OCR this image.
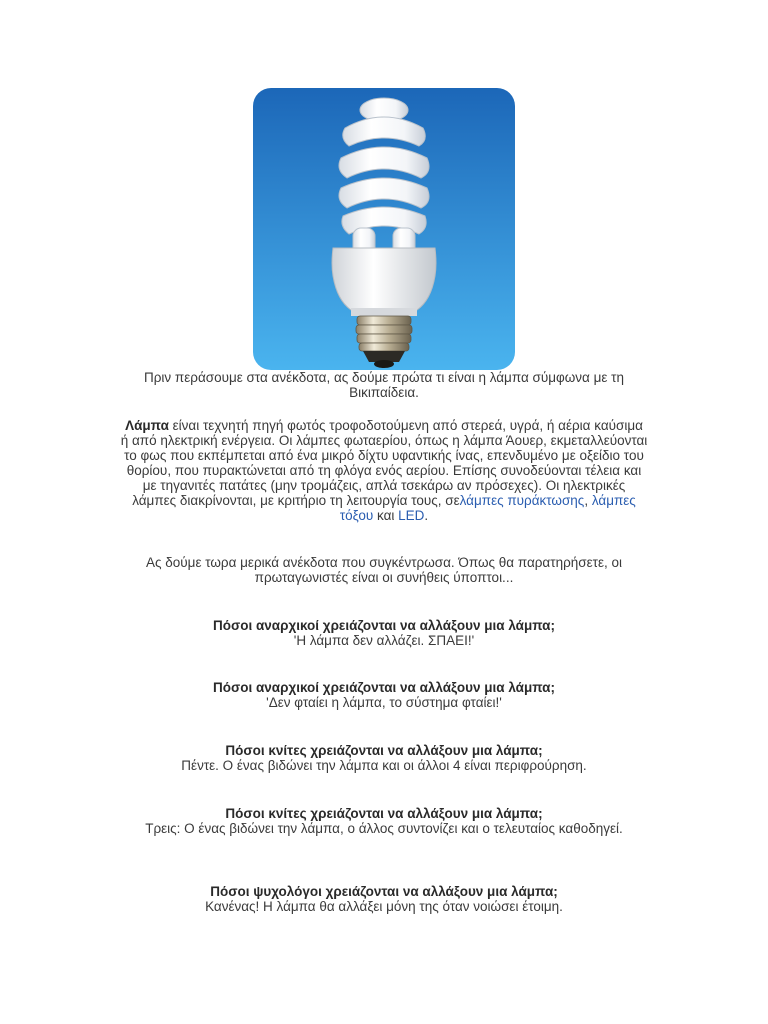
Πριν περάσουμε στα ανέκδοτα, ας δούμε πρώτα τι είναι η λάμπα σύμφωνα με τη Βικιπαίδεια.

Λάμπα είναι τεχνητή πηγή φωτός τροφοδοτούμενη από στερεά, υγρά, ή αέρια καύσιμα ή από ηλεκτρική ενέργεια. Οι λάμπες φωταερίου, όπως η λάμπα Άουερ, εκμεταλλεύονται το φως που εκπέμπεται από ένα μικρό δίχτυ υφαντικής ίνας, επενδυμένο με οξείδιο του θορίου, που πυρακτώνεται από τη φλόγα ενός αερίου. Επίσης συνοδεύονται τέλεια και με τηγανιτές πατάτες (μην τρομάζεις, απλά τσεκάρω αν πρόσεχες). Οι ηλεκτρικές λάμπες διακρίνονται, με κριτήριο τη λειτουργία τους, σελάμπες πυράκτωσης, λάμπες τόξου και LED.

Ας δούμε τωρα μερικά ανέκδοτα που συγκέντρωσα. Όπως θα παρατηρήσετε, οι πρωταγωνιστές είναι οι συνήθεις ύποπτοι...

Πόσοι αναρχικοί χρειάζονται να αλλάξουν μια λάμπα;

'Η λάμπα δεν αλλάζει. ΣΠΑΕΙ!'

Πόσοι αναρχικοί χρειάζονται να αλλάξουν μια λάμπα;

'Δεν φταίει η λάμπα, το σύστημα φταίει!'

Πόσοι κνίτες χρειάζονται να αλλάξουν μια λάμπα;

Πέντε. Ο ένας βιδώνει την λάμπα και οι άλλοι 4 είναι περιφρούρηση.

Πόσοι κνίτες χρειάζονται να αλλάξουν μια λάμπα;

Τρεις: Ο ένας βιδώνει την λάμπα, ο άλλος συντονίζει και ο τελευταίος καθοδηγεί.

Πόσοι ψυχολόγοι χρειάζονται να αλλάξουν μια λάμπα;

Κανένας! Η λάμπα θα αλλάξει μόνη της όταν νοιώσει έτοιμη.
